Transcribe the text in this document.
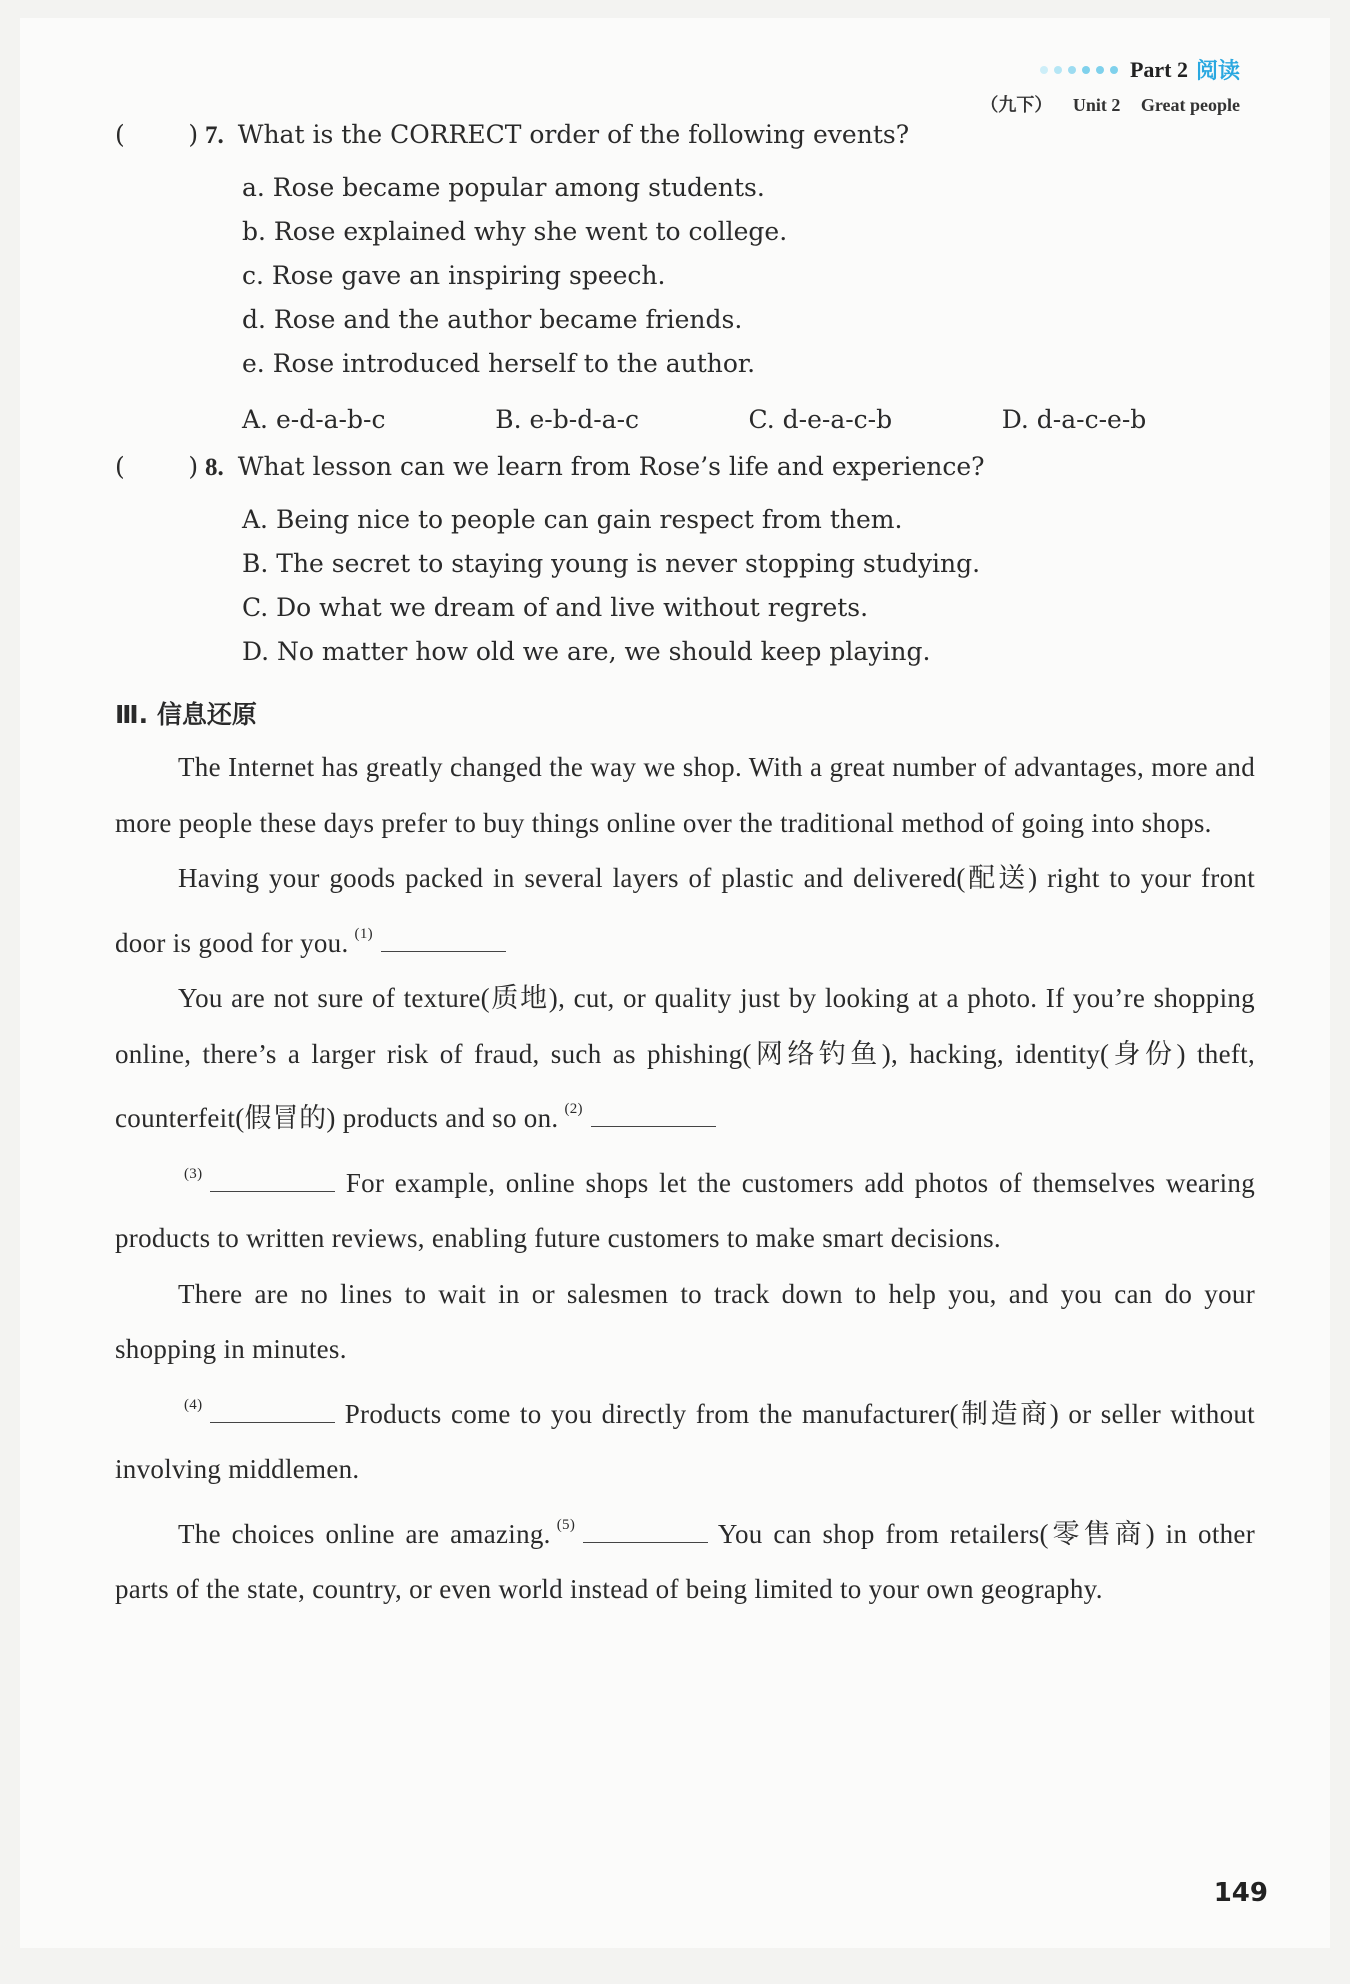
Part 2 阅读
（九下） Unit 2 Great people
(        ) 7. What is the CORRECT order of the following events?
a. Rose became popular among students.
b. Rose explained why she went to college.
c. Rose gave an inspiring speech.
d. Rose and the author became friends.
e. Rose introduced herself to the author.
A. e-d-a-b-c	B. e-b-d-a-c	C. d-e-a-c-b	D. d-a-c-e-b
(        ) 8. What lesson can we learn from Rose’s life and experience?
A. Being nice to people can gain respect from them.
B. The secret to staying young is never stopping studying.
C. Do what we dream of and live without regrets.
D. No matter how old we are, we should keep playing.
Ⅲ. 信息还原
The Internet has greatly changed the way we shop. With a great number of advantages, more and more people these days prefer to buy things online over the traditional method of going into shops.
Having your goods packed in several layers of plastic and delivered(配送) right to your front door is good for you. $^{(1)}$
You are not sure of texture(质地), cut, or quality just by looking at a photo. If you’re shopping online, there’s a larger risk of fraud, such as phishing(网络钓鱼), hacking, identity(身份) theft, counterfeit(假冒的) products and so on. $^{(2)}$
$^{(3)}$	For example, online shops let the customers add photos of themselves wearing products to written reviews, enabling future customers to make smart decisions.
There are no lines to wait in or salesmen to track down to help you, and you can do your shopping in minutes.
$^{(4)}$	Products come to you directly from the manufacturer(制造商) or seller without involving middlemen.
The choices online are amazing. $^{(5)}$	You can shop from retailers(零售商) in other parts of the state, country, or even world instead of being limited to your own geography.
149
